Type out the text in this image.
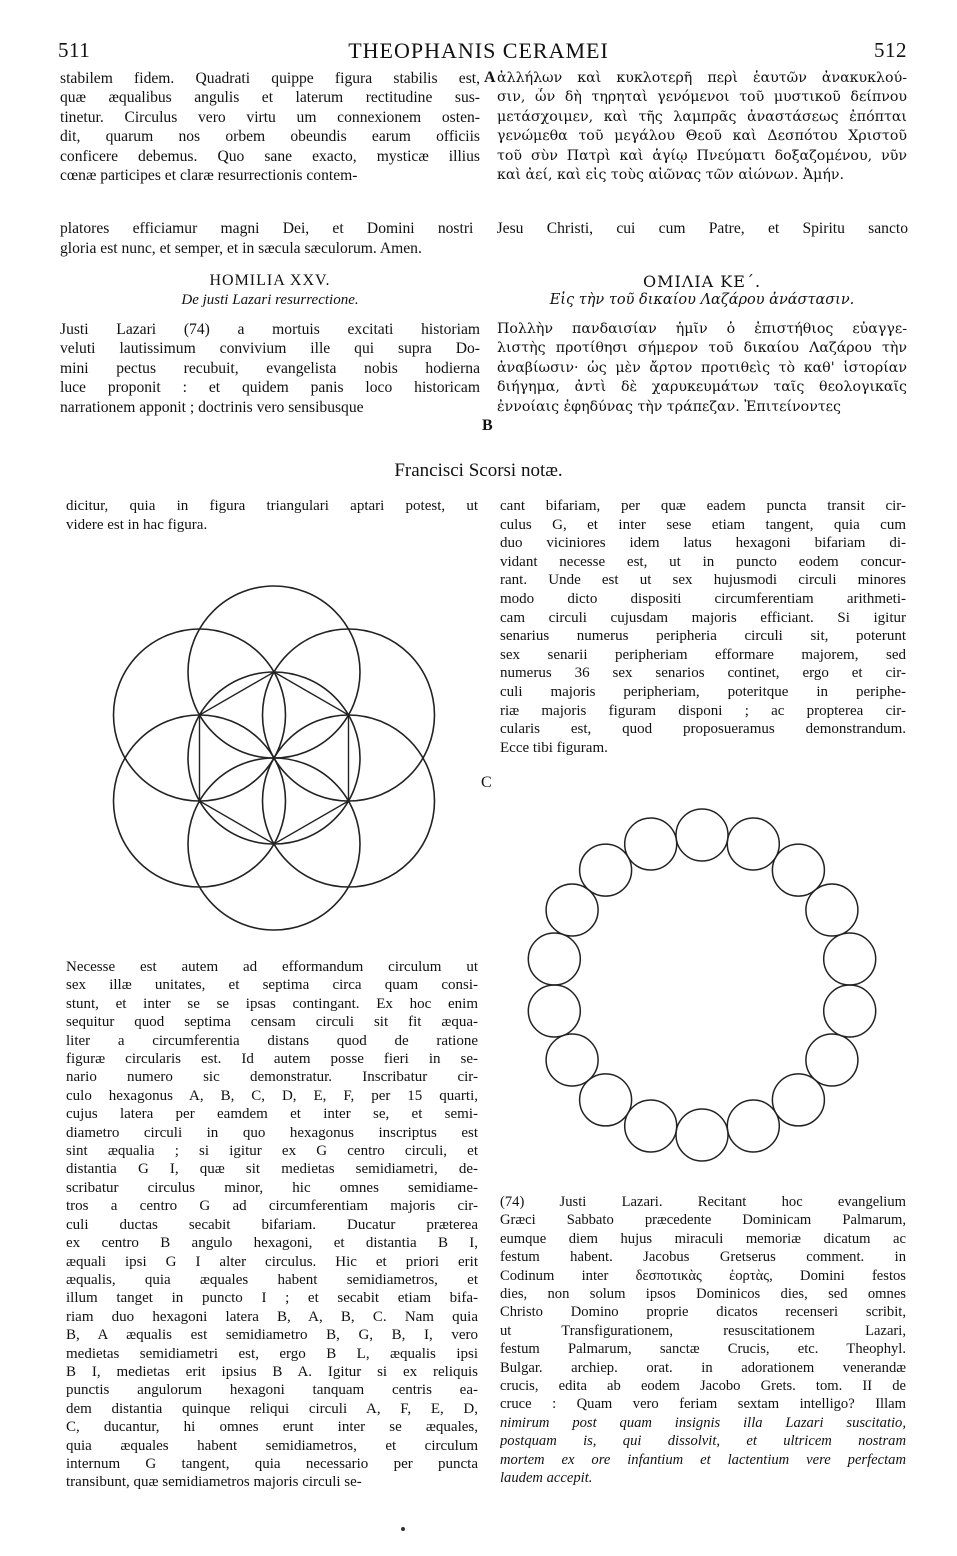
511	THEOPHANIS CERAMEI	512
stabilem fidem. Quadrati quippe figura stabilis est,
quæ æqualibus angulis et laterum rectitudine sus-
tinetur. Circulus vero virtu um connexionem osten-
dit, quarum nos orbem obeundis earum officiis
conficere debemus. Quo sane exacto, mysticæ illius
cœnæ participes et claræ resurrectionis contem-
A ἀλλήλων καὶ κυκλοτερῆ περὶ ἑαυτῶν ἀνακυκλού-
σιν, ὧν δὴ τηρηταὶ γενόμενοι τοῦ μυστικοῦ δείπνου
μετάσχοιμεν, καὶ τῆς λαμπρᾶς ἀναστάσεως ἐπόπται
γενώμεθα τοῦ μεγάλου Θεοῦ καὶ Δεσπότου Χριστοῦ
τοῦ σὺν Πατρὶ καὶ ἁγίῳ Πνεύματι δοξαζομένου, νῦν
καὶ ἀεί, καὶ εἰς τοὺς αἰῶνας τῶν αἰώνων. Ἀμήν.
platores efficiamur magni Dei, et Domini nostri Jesu Christi, cui cum Patre, et Spiritu sancto
gloria est nunc, et semper, et in sæcula sæculorum. Amen.
HOMILIA XXV.
De justi Lazari resurrectione.
ΟΜΙΛΙΑ ΚΕ΄.
Εἰς τὴν τοῦ δικαίου Λαζάρου ἀνάστασιν.
Justi Lazari (74) a mortuis excitati historiam
veluti lautissimum convivium ille qui supra Do-
mini pectus recubuit, evangelista nobis hodierna
luce proponit : et quidem panis loco historicam
narrationem apponit ; doctrinis vero sensibusque
B
Πολλὴν πανδαισίαν ἡμῖν ὁ ἐπιστήθιος εὐαγγε-
λιστὴς προτίθησι σήμερον τοῦ δικαίου Λαζάρου τὴν
ἀναβίωσιν· ὡς μὲν ἄρτον προτιθεὶς τὸ καθ' ἱστορίαν
διήγημα, ἀντὶ δὲ χαρυκευμάτων ταῖς θεολογικαῖς
ἐννοίαις ἐφηδύνας τὴν τράπεζαν. Ἐπιτείνοντες
Francisci Scorsi notæ.
dicitur, quia in figura triangulari aptari potest, ut
videre est in hac figura.
cant bifariam, per quæ eadem puncta transit cir-
culus G, et inter sese etiam tangent, quia cum
duo viciniores idem latus hexagoni bifariam di-
vidant necesse est, ut in puncto eodem concur-
rant. Unde est ut sex hujusmodi circuli minores
modo dicto dispositi circumferentiam arithmeti-
cam circuli cujusdam majoris efficiant. Si igitur
senarius numerus peripheria circuli sit, poterunt
sex senarii peripheriam efformare majorem, sed
numerus 36 sex senarios continet, ergo et cir-
culi majoris peripheriam, poteritque in periphe-
riæ majoris figuram disponi ; ac propterea cir-
cularis est, quod proposueramus demonstrandum.
Ecce tibi figuram.
C
Necesse est autem ad efformandum circulum ut
sex illæ unitates, et septima circa quam consi-
stunt, et inter se se ipsas contingant. Ex hoc enim
sequitur quod septima censam circuli sit fit æqua-
liter a circumferentia distans quod de ratione
figuræ circularis est. Id autem posse fieri in se-
nario numero sic demonstratur. Inscribatur cir-
culo hexagonus A, B, C, D, E, F, per 15 quarti,
cujus latera per eamdem et inter se, et semi-
diametro circuli in quo hexagonus inscriptus est
sint æqualia ; si igitur ex G centro circuli, et
distantia G I, quæ sit medietas semidiametri, de-
scribatur circulus minor, hic omnes semidiame-
tros a centro G ad circumferentiam majoris cir-
culi ductas secabit bifariam. Ducatur præterea
ex centro B angulo hexagoni, et distantia B I,
æquali ipsi G I alter circulus. Hic et priori erit
æqualis, quia æquales habent semidiametros, et
illum tanget in puncto I ; et secabit etiam bifa-
riam duo hexagoni latera B, A, B, C. Nam quia
B, A æqualis est semidiametro B, G, B, I, vero
medietas semidiametri est, ergo B L, æqualis ipsi
B I, medietas erit ipsius B A. Igitur si ex reliquis
punctis angulorum hexagoni tanquam centris ea-
dem distantia quinque reliqui circuli A, F, E, D,
C, ducantur, hi omnes erunt inter se æquales,
quia æquales habent semidiametros, et circulum
internum G tangent, quia necessario per puncta
transibunt, quæ semidiametros majoris circuli se-
(74) Justi Lazari. Recitant hoc evangelium
Græci Sabbato præcedente Dominicam Palmarum,
eumque diem hujus miraculi memoriæ dicatum ac
festum habent. Jacobus Gretserus comment. in
Codinum inter δεσποτικὰς ἑορτὰς, Domini festos
dies, non solum ipsos Dominicos dies, sed omnes
Christo Domino proprie dicatos recenseri scribit,
ut Transfigurationem, resuscitationem Lazari,
festum Palmarum, sanctæ Crucis, etc. Theophyl.
Bulgar. archiep. orat. in adorationem venerandæ
crucis, edita ab eodem Jacobo Grets. tom. II de
cruce : Quam vero feriam sextam intelligo? Illam
nimirum post quam insignis illa Lazari suscitatio,
postquam is, qui dissolvit, et ultricem nostram
mortem ex ore infantium et lactentium vere perfectam
laudem accepit.
